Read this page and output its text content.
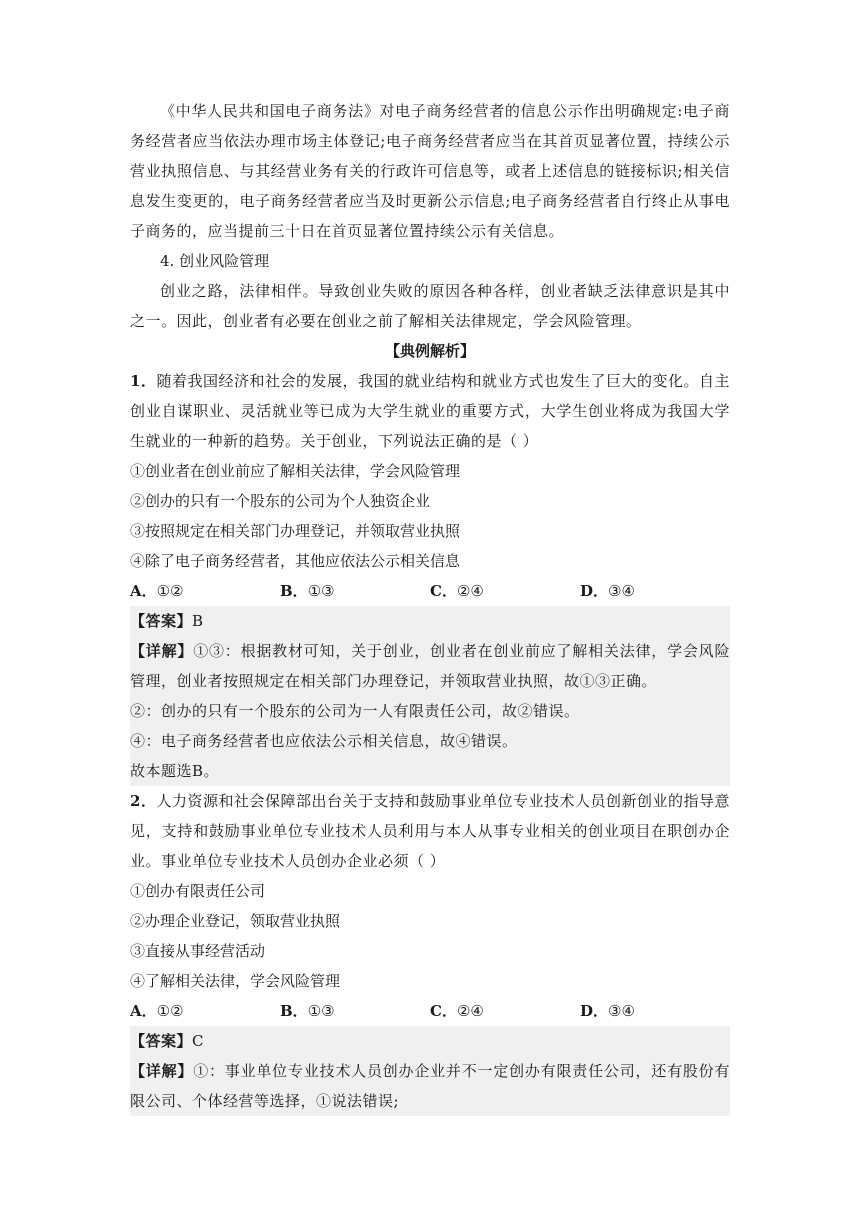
《中华人民共和国电子商务法》对电子商务经营者的信息公示作出明确规定:电子商务经营者应当依法办理市场主体登记;电子商务经营者应当在其首页显著位置，持续公示营业执照信息、与其经营业务有关的行政许可信息等，或者上述信息的链接标识;相关信息发生变更的，电子商务经营者应当及时更新公示信息;电子商务经营者自行终止从事电子商务的，应当提前三十日在首页显著位置持续公示有关信息。

4. 创业风险管理

创业之路，法律相伴。导致创业失败的原因各种各样，创业者缺乏法律意识是其中之一。因此，创业者有必要在创业之前了解相关法律规定，学会风险管理。

【典例解析】

1．随着我国经济和社会的发展，我国的就业结构和就业方式也发生了巨大的变化。自主创业自谋职业、灵活就业等已成为大学生就业的重要方式，大学生创业将成为我国大学生就业的一种新的趋势。关于创业，下列说法正确的是（ ）

①创业者在创业前应了解相关法律，学会风险管理

②创办的只有一个股东的公司为个人独资企业

③按照规定在相关部门办理登记，并领取营业执照

④除了电子商务经营者，其他应依法公示相关信息

A．①②	B．①③	C．②④	D．③④

【答案】B

【详解】①③：根据教材可知，关于创业，创业者在创业前应了解相关法律，学会风险管理，创业者按照规定在相关部门办理登记，并领取营业执照，故①③正确。

②：创办的只有一个股东的公司为一人有限责任公司，故②错误。

④：电子商务经营者也应依法公示相关信息，故④错误。

故本题选B。

2．人力资源和社会保障部出台关于支持和鼓励事业单位专业技术人员创新创业的指导意见，支持和鼓励事业单位专业技术人员利用与本人从事专业相关的创业项目在职创办企业。事业单位专业技术人员创办企业必须（ ）

①创办有限责任公司

②办理企业登记，领取营业执照

③直接从事经营活动

④了解相关法律，学会风险管理

A．①②	B．①③	C．②④	D．③④

【答案】C

【详解】①：事业单位专业技术人员创办企业并不一定创办有限责任公司，还有股份有限公司、个体经营等选择，①说法错误;
